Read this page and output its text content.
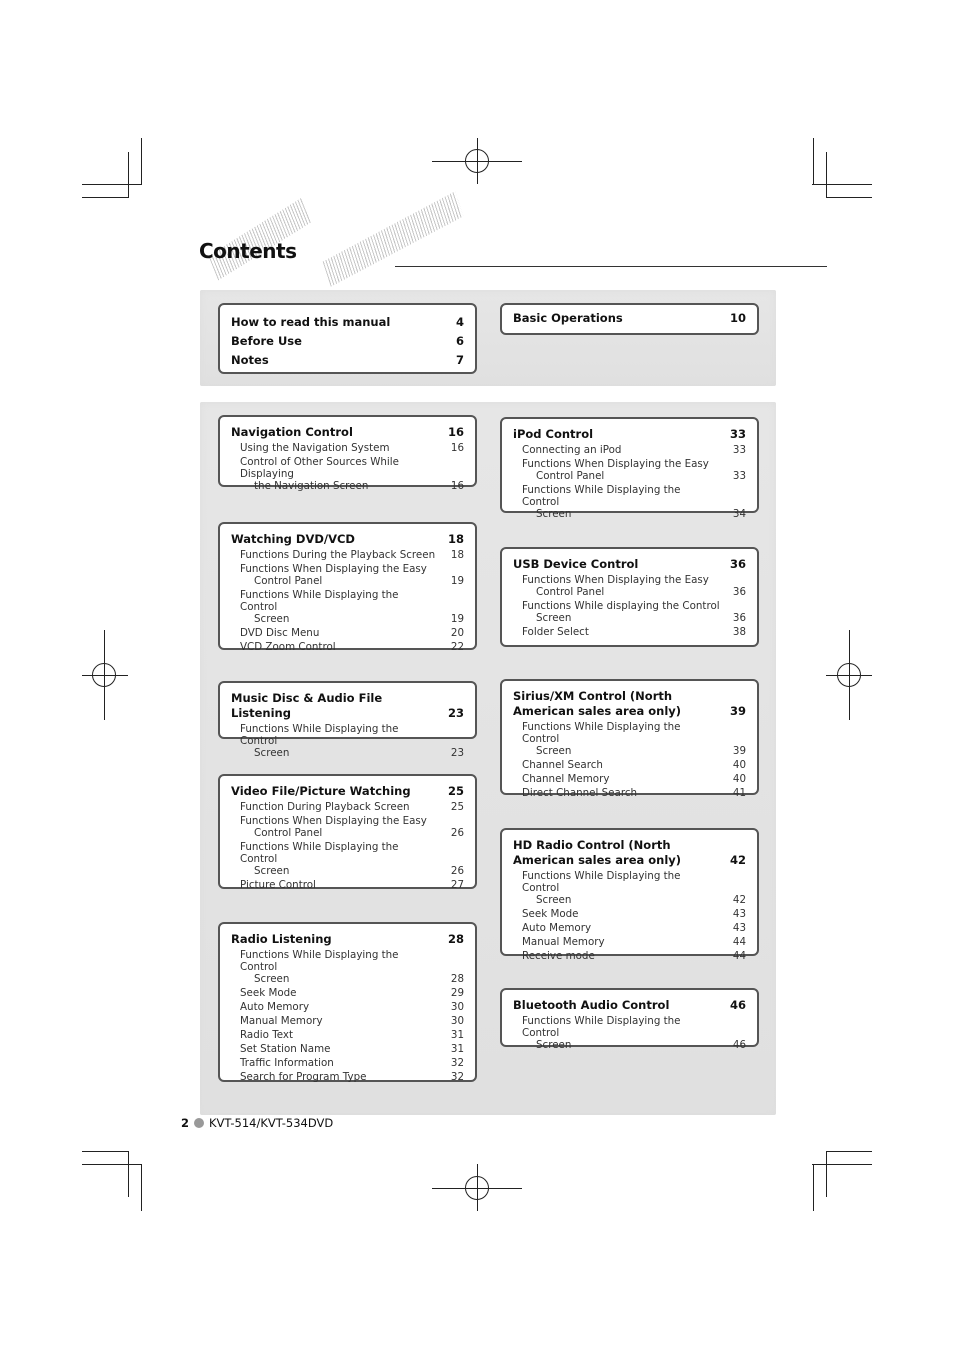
Contents
How to read this manual	4
Before Use	6
Notes	7
Basic Operations	10
Navigation Control	16
Using the Navigation System	16
Control of Other Sources While Displaying
the Navigation Screen	16
Watching DVD/VCD	18
Functions During the Playback Screen 18
Functions When Displaying the Easy
Control Panel	19
Functions While Displaying the Control
Screen	19
DVD Disc Menu	20
VCD Zoom Control	22
Music Disc & Audio File Listening	23
Functions While Displaying the Control
Screen	23
Video File/Picture Watching	25
Function During Playback Screen	25
Functions When Displaying the Easy
Control Panel	26
Functions While Displaying the Control
Screen	26
Picture Control	27
Radio Listening	28
Functions While Displaying the Control
Screen	28
Seek Mode	29
Auto Memory	30
Manual Memory	30
Radio Text	31
Set Station Name	31
Traffic Information	32
Search for Program Type	32
iPod Control	33
Connecting an iPod	33
Functions When Displaying the Easy
Control Panel	33
Functions While Displaying the Control
Screen	34
USB Device Control	36
Functions When Displaying the Easy
Control Panel	36
Functions While displaying the Control
Screen	36
Folder Select	38
Sirius/XM Control (North American sales area only)	39
Functions While Displaying the Control
Screen	39
Channel Search	40
Channel Memory	40
Direct Channel Search	41
HD Radio Control (North American sales area only)	42
Functions While Displaying the Control
Screen	42
Seek Mode	43
Auto Memory	43
Manual Memory	44
Receive mode	44
Bluetooth Audio Control	46
Functions While Displaying the Control
Screen	46
2 KVT-514/KVT-534DVD
